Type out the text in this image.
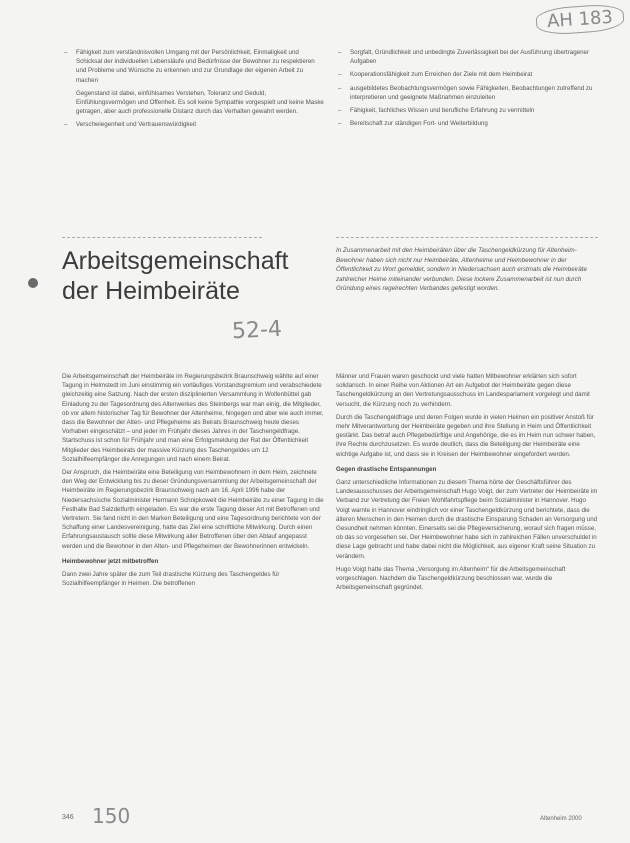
AH 183
– Fähigkeit zum verständnisvollen Umgang mit der Persönlichkeit, Einmaligkeit und Schicksal der individuellen Lebensläufe und Bedürfnisse der Bewohner zu respektieren und Probleme und Wünsche zu erkennen und zur Grundlage der eigenen Arbeit zu machen

Gegenstand ist dabei, einfühlsames Verstehen, Toleranz und Geduld, Einfühlungsvermögen und Offenheit. Es soll keine Sympathie vorgespielt und keine Maske getragen, aber auch professionelle Distanz durch das Verhalten gewahrt werden.

– Verschwiegenheit und Vertrauenswürdigkeit
– Sorgfalt, Gründlichkeit und unbedingte Zuverlässigkeit bei der Ausführung übertragener Aufgaben
– Kooperationsfähigkeit zum Erreichen der Ziele mit dem Heimbeirat
– ausgebildetes Beobachtungsvermögen sowie Fähigkeiten, Beobachtungen zutreffend zu interpretieren und geeignete Maßnahmen einzuleiten
– Fähigkeit, fachliches Wissen und berufliche Erfahrung zu vermitteln
– Bereitschaft zur ständigen Fort- und Weiterbildung
Arbeitsgemeinschaft
der Heimbeiräte
52-4
In Zusammenarbeit mit den Heimbeiräten über die Taschengeldkürzung für Altenheim-Bewohner haben sich nicht nur Heimbeiräte, Altenheime und Heimbewohner in der Öffentlichkeit zu Wort gemeldet, sondern in Niedersachsen auch erstmals die Heimbeiräte zahlreicher Heime miteinander verbunden. Diese lockere Zusammenarbeit ist nun durch Gründung eines regelrechten Verbandes gefestigt worden.

Die Arbeitsgemeinschaft der Heimbeiräte im Regierungsbezirk Braunschweig wählte auf einer Tagung in Helmstedt im Juni einstimmig ein vorläufiges Vorstandsgremium und verabschiedete gleichzeitig eine Satzung. Nach der ersten disziplinierten Versammlung in Wolfenbüttel gab Einladung zu der Tagesordnung des Altenwerkes des Steinbergs war man einig, die Mitglieder, ob vor allem historischer Tag für Bewohner der Altenheime, hingegen und aber wie auch immer, dass die Bewohner der Alten- und Pflegeheime als Beirats Braunschweig heute dieses Vorhaben eingeschätzt – und jeder im Frühjahr dieses Jahres in der Taschengeldfrage. Startschuss ist schon für Frühjahr und man eine Erfolgsmeldung der Rat der Öffentlichkeit Mitglieder des Heimbeirats der massive Kürzung des Taschengeldes um 12 Sozialhilfeempfänger die Anregungen und nach einem Beirat.

Der Anspruch, die Heimbeiräte eine Beteiligung von Heimbewohnern in dem Heim, zeichnete den Weg der Entwicklung bis zu dieser Gründungsversammlung der Arbeitsgemeinschaft der Heimbeiräte im Regierungsbezirk Braunschweig nach am 16. April 1996 habe der Niedersachsische Sozialminister Hermann Schnipkoweit die Heimbeiräte zu einer Tagung in die Festhalle Bad Salzdetfurth eingeladen. Es war die erste Tagung dieser Art mit Betroffenen und Vertretern. Sie fand nicht in den Marken Beteiligung und eine Tagesordnung berichtete von der Schaffung einer Landesvereinigung, hatte das Ziel eine schriftliche Mitwirkung. Durch einen Erfahrungsaustausch sollte diese Mitwirkung aller Betroffenen über den Ablauf angepasst werden und die Bewohner in den Alten- und Pflegeheimen der Bewohnerinnen entwickeln.

Heimbewohner jetzt mitbetroffen

Dann zwei Jahre später die zum Teil drastische Kürzung des Taschengeldes für Sozialhilfeempfänger in Heimen. Die betroffenen

Männer und Frauen waren geschockt und viele hatten Mitbewohner erklärten sich sofort solidarisch. In einer Reihe von Aktionen Art ein Aufgebot der Heimbeiräte gegen diese Taschengeldkürzung an den Vertretungsausschuss im Landesparlament vorgelegt und damit versucht, die Kürzung noch zu verhindern.

Durch die Taschengeldfrage und deren Folgen wurde in vielen Heimen ein positiver Anstoß für mehr Mitverantwortung der Heimbeiräte gegeben und ihre Stellung in Heim und Öffentlichkeit gestärkt. Das betraf auch Pflegebedürftige und Angehörige, die es im Heim nun schwer haben, ihre Rechte durchzusetzen. Es wurde deutlich, dass die Beteiligung der Heimbeiräte eine wichtige Aufgabe ist, und dass sie in Kreisen der Heimbewohner eingefordert werden.

Gegen drastische Entspannungen

Ganz unterschiedliche Informationen zu diesem Thema hörte der Geschäftsführer des Landesausschusses der Arbeitsgemeinschaft Hugo Voigt, der zum Vertreter der Heimbeiräte im Verband zur Vertretung der Freien Wohlfahrtspflege beim Sozialminister in Hannover. Hugo Voigt warnte in Hannover eindringlich vor einer Taschengeldkürzung und berichtete, dass die älteren Menschen in den Heimen durch die drastische Einsparung Schaden an Versorgung und Gesundheit nehmen könnten. Einerseits sei die Pflegeversicherung, worauf sich fragen müsse, ob das so vorgesehen sei. Der Heimbewohner habe sich in zahlreichen Fällen unverschuldet in diese Lage gebracht und habe dabei nicht die Möglichkeit, aus eigener Kraft seine Situation zu verändern.

Hugo Voigt hatte das Thema „Versorgung im Altenheim“ für die Arbeitsgemeinschaft vorgeschlagen. Nachdem die Taschengeldkürzung beschlossen war, wurde die Arbeitsgemeinschaft gegründet.

346 150	Altenheim 2000
